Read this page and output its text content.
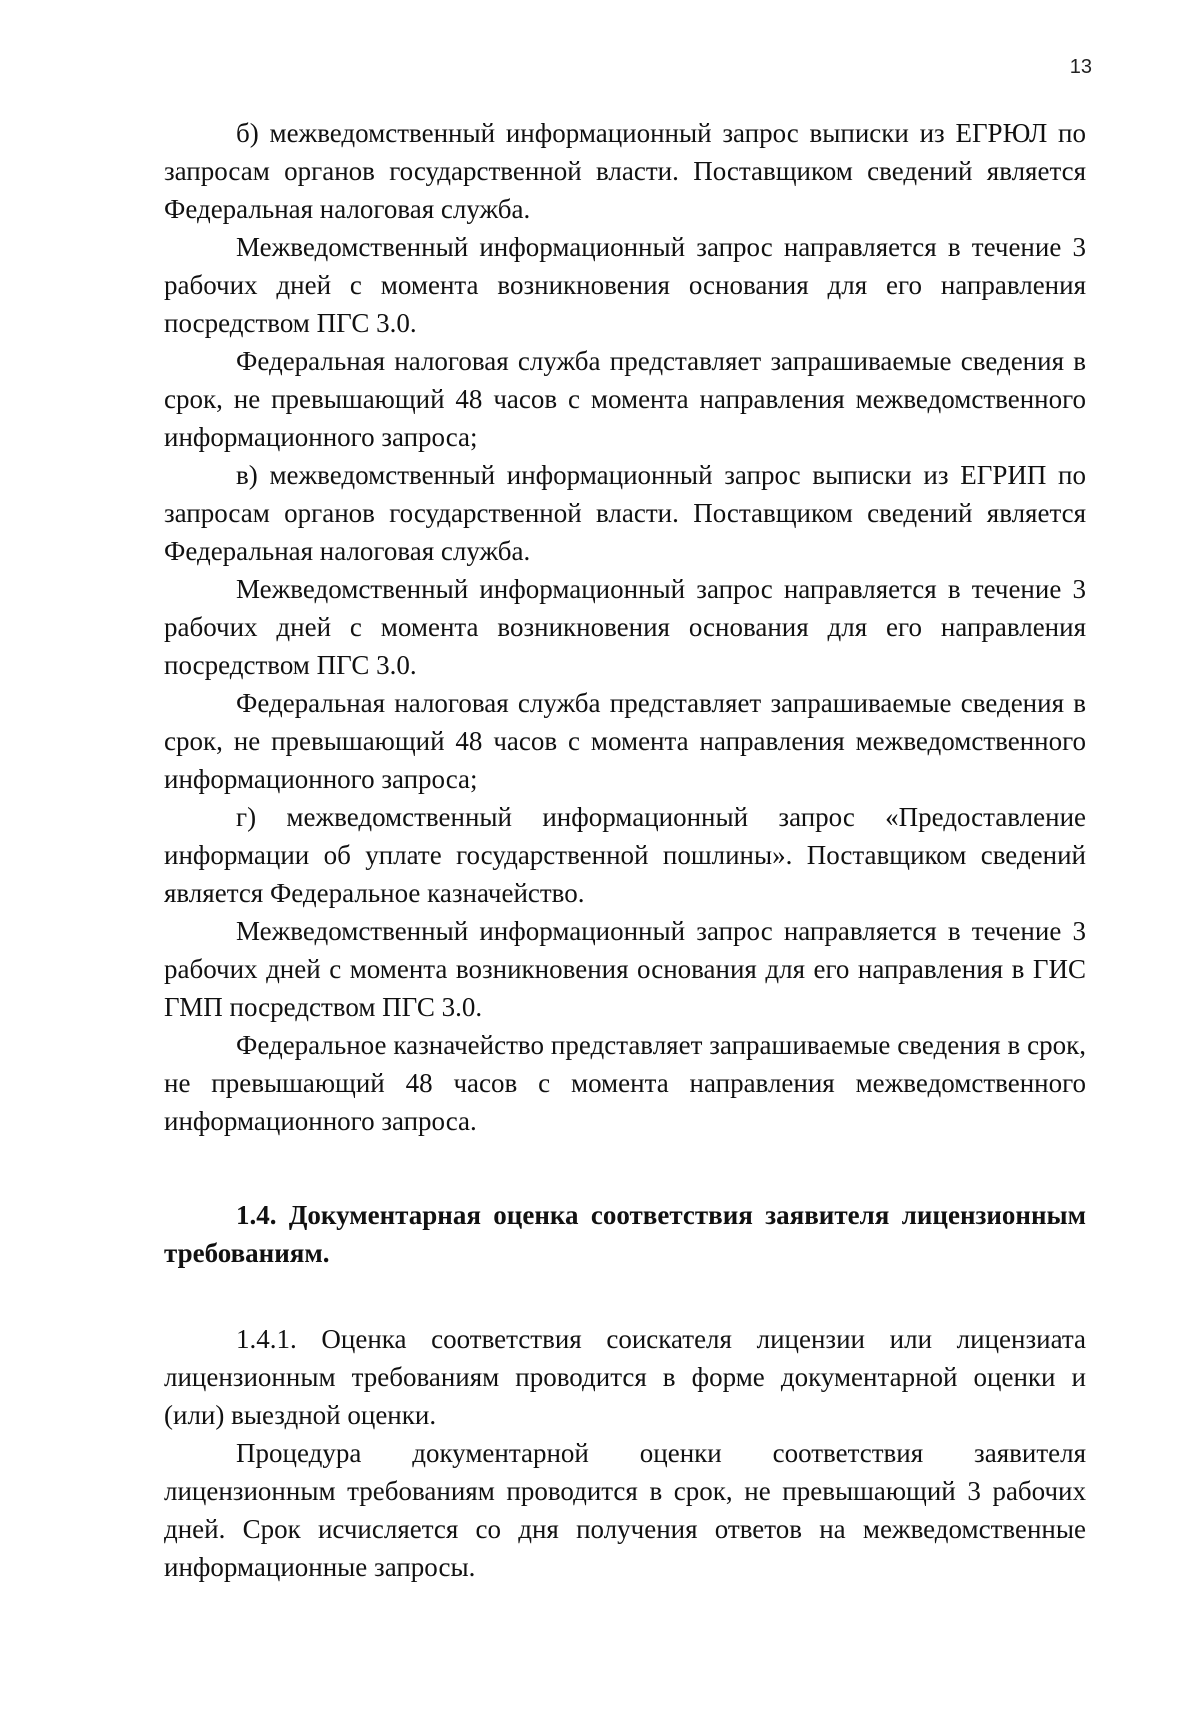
13

б) межведомственный информационный запрос выписки из ЕГРЮЛ по запросам органов государственной власти. Поставщиком сведений является Федеральная налоговая служба.

Межведомственный информационный запрос направляется в течение 3 рабочих дней с момента возникновения основания для его направления посредством ПГС 3.0.

Федеральная налоговая служба представляет запрашиваемые сведения в срок, не превышающий 48 часов с момента направления межведомственного информационного запроса;

в) межведомственный информационный запрос выписки из ЕГРИП по запросам органов государственной власти. Поставщиком сведений является Федеральная налоговая служба.

Межведомственный информационный запрос направляется в течение 3 рабочих дней с момента возникновения основания для его направления посредством ПГС 3.0.

Федеральная налоговая служба представляет запрашиваемые сведения в срок, не превышающий 48 часов с момента направления межведомственного информационного запроса;

г) межведомственный информационный запрос «Предоставление информации об уплате государственной пошлины». Поставщиком сведений является Федеральное казначейство.

Межведомственный информационный запрос направляется в течение 3 рабочих дней с момента возникновения основания для его направления в ГИС ГМП посредством ПГС 3.0.

Федеральное казначейство представляет запрашиваемые сведения в срок, не превышающий 48 часов с момента направления межведомственного информационного запроса.

1.4. Документарная оценка соответствия заявителя лицензионным требованиям.

1.4.1. Оценка соответствия соискателя лицензии или лицензиата лицензионным требованиям проводится в форме документарной оценки и (или) выездной оценки.

Процедура документарной оценки соответствия заявителя лицензионным требованиям проводится в срок, не превышающий 3 рабочих дней. Срок исчисляется со дня получения ответов на межведомственные информационные запросы.
